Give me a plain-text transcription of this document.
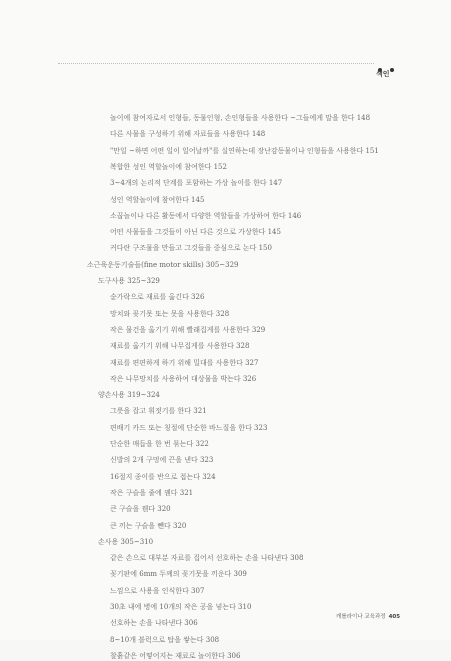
색인
놀이에 참여자로서 인형들, 동물인형, 손인형들을 사용한다 ~그들에게 말을 한다 148
다른 사물을 구성하기 위해 자료들을 사용한다 148
"만일 ~하면 어떤 일이 일어날까"를 실연하는데 장난감동물이나 인형들을 사용한다 151
복합한 성인 역할놀이에 참여한다 152
3~4개의 논리적 단계를 포함하는 가상 놀이를 한다 147
성인 역할놀이에 참여한다 145
소꿉놀이나 다른 활동에서 다양한 역할들을 가상하여 한다 146
어떤 사물들을 그것들이 아닌 다른 것으로 가상한다 145
커다란 구조물을 만들고 그것들을 중심으로 논다 150
소근육운동기술들(fine motor skills) 305~329
도구사용 325~329
숟가락으로 재료를 옮긴다 326
망치와 꽂기못 또는 못을 사용한다 328
작은 물건을 옮기기 위해 빨래집게를 사용한다 329
재료를 옮기기 위해 나무집게를 사용한다 328
재료를 편편하게 하기 위해 밀대를 사용한다 327
작은 나무망치를 사용하여 대상물을 박는다 326
양손사용 319~324
그릇을 잡고 휘젓기를 한다 321
편배기 카드 또는 칭절에 단순한 바느질을 한다 323
단순한 매듭을 한 번 묶는다 322
신발의 2개 구멍에 끈을 낸다 323
16절지 종이를 반으로 접는다 324
작은 구슬을 줄에 꿴다 321
큰 구슬을 꿴다 320
큰 끼는 구슬을 뺀다 320
손사용 305~310
같은 손으로 대부분 자료를 집어서 선호하는 손을 나타낸다 308
꽂기판에 6mm 두께의 꽂기못을 끼운다 309
느낌으로 사용을 인식한다 307
30초 내에 병에 10개의 작은 공을 넣는다 310
선호하는 손을 나타낸다 306
8~10개 블럭으로 탑을 쌓는다 308
찰흙같은 어떻어지는 재료로 놀이한다 306
캐롤라이나 교육과정 405
